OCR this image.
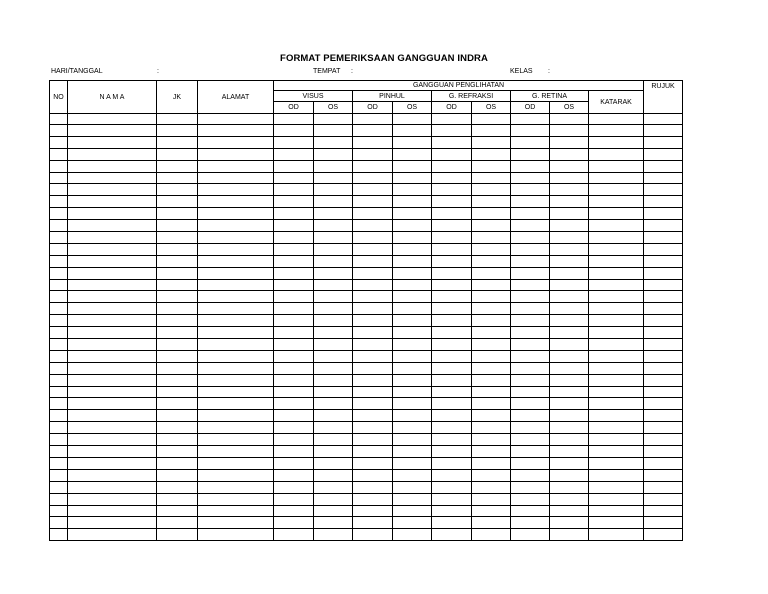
FORMAT PEMERIKSAAN GANGGUAN INDRA
HARI/TANGGAL	:	TEMPAT :	KELAS :
NO	N A M A	JK	ALAMAT	GANGGUAN PENGLIHATAN									RUJUK
				VISUS		PINHUL		G. REFRAKSI		G. RETINA		KATARAK	
				OD	OS	OD	OS	OD	OS	OD	OS		
